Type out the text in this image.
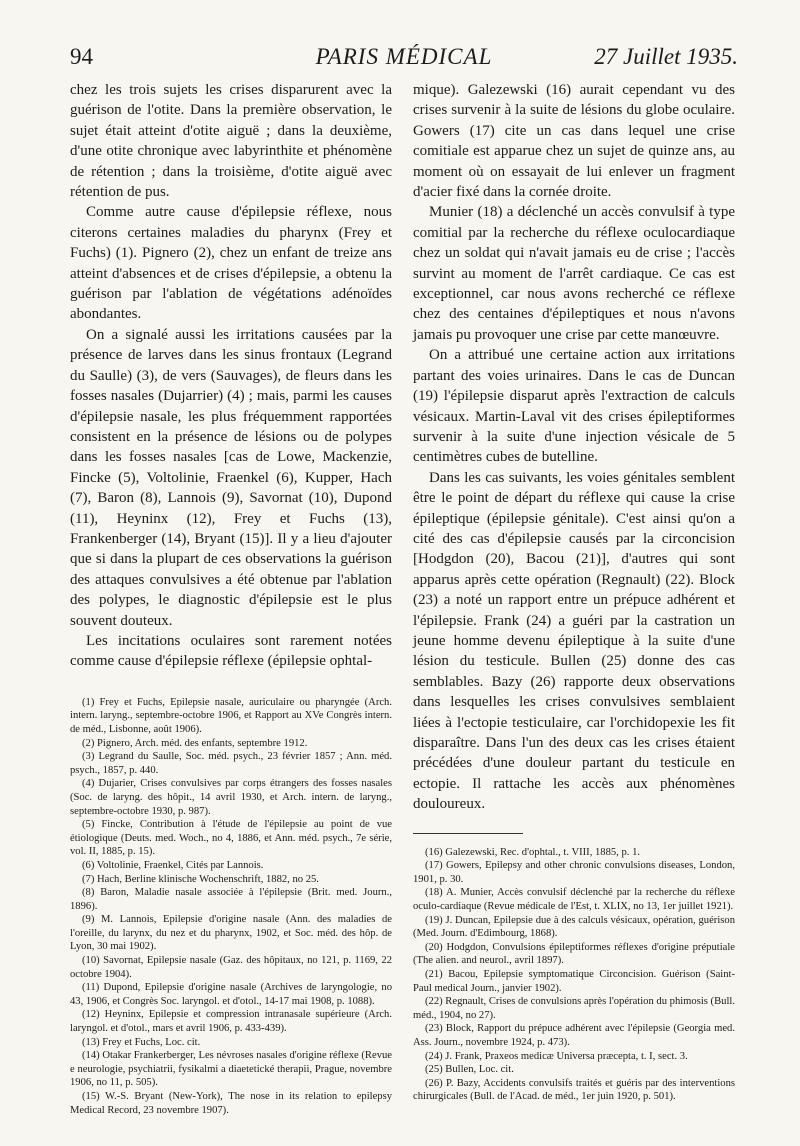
94	PARIS MÉDICAL	27 Juillet 1935.

chez les trois sujets les crises disparurent avec la guérison de l'otite. Dans la première observation, le sujet était atteint d'otite aiguë ; dans la deuxième, d'une otite chronique avec labyrinthite et phénomène de rétention ; dans la troisième, d'otite aiguë avec rétention de pus.

Comme autre cause d'épilepsie réflexe, nous citerons certaines maladies du pharynx (Frey et Fuchs) (1). Pignero (2), chez un enfant de treize ans atteint d'absences et de crises d'épilepsie, a obtenu la guérison par l'ablation de végétations adénoïdes abondantes.

On a signalé aussi les irritations causées par la présence de larves dans les sinus frontaux (Legrand du Saulle) (3), de vers (Sauvages), de fleurs dans les fosses nasales (Dujarrier) (4) ; mais, parmi les causes d'épilepsie nasale, les plus fréquemment rapportées consistent en la présence de lésions ou de polypes dans les fosses nasales [cas de Lowe, Mackenzie, Fincke (5), Voltolinie, Fraenkel (6), Kupper, Hach (7), Baron (8), Lannois (9), Savornat (10), Dupond (11), Heyninx (12), Frey et Fuchs (13), Frankenberger (14), Bryant (15)]. Il y a lieu d'ajouter que si dans la plupart de ces observations la guérison des attaques convulsives a été obtenue par l'ablation des polypes, le diagnostic d'épilepsie est le plus souvent douteux.

Les incitations oculaires sont rarement notées comme cause d'épilepsie réflexe (épilepsie ophtal-

(1) Frey et Fuchs, Epilepsie nasale, auriculaire ou pharyngée (Arch. intern. laryng., septembre-octobre 1906, et Rapport au XVe Congrès intern. de méd., Lisbonne, août 1906).

(2) Pignero, Arch. méd. des enfants, septembre 1912.

(3) Legrand du Saulle, Soc. méd. psych., 23 février 1857 ; Ann. méd. psych., 1857, p. 440.

(4) Dujarier, Crises convulsives par corps étrangers des fosses nasales (Soc. de laryng. des hôpit., 14 avril 1930, et Arch. intern. de laryng., septembre-octobre 1930, p. 987).

(5) Fincke, Contribution à l'étude de l'épilepsie au point de vue étiologique (Deuts. med. Woch., no 4, 1886, et Ann. méd. psych., 7e série, vol. II, 1885, p. 15).

(6) Voltolinie, Fraenkel, Cités par Lannois.

(7) Hach, Berline klinische Wochenschrift, 1882, no 25.

(8) Baron, Maladie nasale associée à l'épilepsie (Brit. med. Journ., 1896).

(9) M. Lannois, Epilepsie d'origine nasale (Ann. des maladies de l'oreille, du larynx, du nez et du pharynx, 1902, et Soc. méd. des hôp. de Lyon, 30 mai 1902).

(10) Savornat, Epilepsie nasale (Gaz. des hôpitaux, no 121, p. 1169, 22 octobre 1904).

(11) Dupond, Epilepsie d'origine nasale (Archives de laryngologie, no 43, 1906, et Congrès Soc. laryngol. et d'otol., 14-17 mai 1908, p. 1088).

(12) Heyninx, Epilepsie et compression intranasale supérieure (Arch. laryngol. et d'otol., mars et avril 1906, p. 433-439).

(13) Frey et Fuchs, Loc. cit.

(14) Otakar Frankerberger, Les névroses nasales d'origine réflexe (Revue e neurologie, psychiatrii, fysikalmi a diaetetické therapii, Prague, novembre 1906, no 11, p. 505).

(15) W.-S. Bryant (New-York), The nose in its relation to epilepsy Medical Record, 23 novembre 1907).

mique). Galezewski (16) aurait cependant vu des crises survenir à la suite de lésions du globe oculaire. Gowers (17) cite un cas dans lequel une crise comitiale est apparue chez un sujet de quinze ans, au moment où on essayait de lui enlever un fragment d'acier fixé dans la cornée droite.

Munier (18) a déclenché un accès convulsif à type comitial par la recherche du réflexe oculocardiaque chez un soldat qui n'avait jamais eu de crise ; l'accès survint au moment de l'arrêt cardiaque. Ce cas est exceptionnel, car nous avons recherché ce réflexe chez des centaines d'épileptiques et nous n'avons jamais pu provoquer une crise par cette manœuvre.

On a attribué une certaine action aux irritations partant des voies urinaires. Dans le cas de Duncan (19) l'épilepsie disparut après l'extraction de calculs vésicaux. Martin-Laval vit des crises épileptiformes survenir à la suite d'une injection vésicale de 5 centimètres cubes de butelline.

Dans les cas suivants, les voies génitales semblent être le point de départ du réflexe qui cause la crise épileptique (épilepsie génitale). C'est ainsi qu'on a cité des cas d'épilepsie causés par la circoncision [Hodgdon (20), Bacou (21)], d'autres qui sont apparus après cette opération (Regnault) (22). Block (23) a noté un rapport entre un prépuce adhérent et l'épilepsie. Frank (24) a guéri par la castration un jeune homme devenu épileptique à la suite d'une lésion du testicule. Bullen (25) donne des cas semblables. Bazy (26) rapporte deux observations dans lesquelles les crises convulsives semblaient liées à l'ectopie testiculaire, car l'orchidopexie les fit disparaître. Dans l'un des deux cas les crises étaient précédées d'une douleur partant du testicule en ectopie. Il rattache les accès aux phénomènes douloureux.

(16) Galezewski, Rec. d'ophtal., t. VIII, 1885, p. 1.

(17) Gowers, Epilepsy and other chronic convulsions diseases, London, 1901, p. 30.

(18) A. Munier, Accès convulsif déclenché par la recherche du réflexe oculo-cardiaque (Revue médicale de l'Est, t. XLIX, no 13, 1er juillet 1921).

(19) J. Duncan, Epilepsie due à des calculs vésicaux, opération, guérison (Med. Journ. d'Edimbourg, 1868).

(20) Hodgdon, Convulsions épileptiformes réflexes d'origine préputiale (The alien. and neurol., avril 1897).

(21) Bacou, Epilepsie symptomatique Circoncision. Guérison (Saint-Paul medical Journ., janvier 1902).

(22) Regnault, Crises de convulsions après l'opération du phimosis (Bull. méd., 1904, no 27).

(23) Block, Rapport du prépuce adhérent avec l'épilepsie (Georgia med. Ass. Journ., novembre 1924, p. 473).

(24) J. Frank, Praxeos medicæ Universa præcepta, t. I, sect. 3.

(25) Bullen, Loc. cit.

(26) P. Bazy, Accidents convulsifs traités et guéris par des interventions chirurgicales (Bull. de l'Acad. de méd., 1er juin 1920, p. 501).
